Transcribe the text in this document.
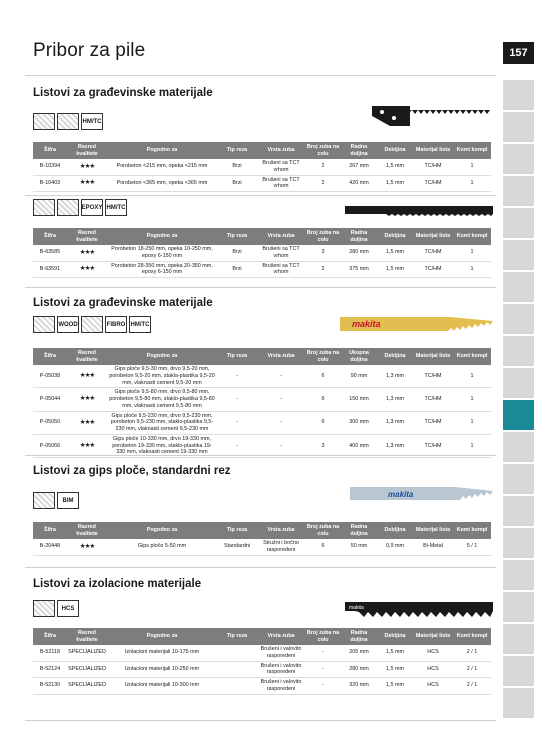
Pribor za pile	157
Listovi za građevinske materijale
HM/TC
Šifra	Razred kvalitete	Pogodno za	Tip reza	Vrsta zuba	Broj zuba na colu	Radna duljina	Debljina	Materijal lista	Komi kompl
B-10394	★★★	Porobeton <215 mm, opeka <215 mm	Brzi	Brušeni sa TCT vrhom	2	267 mm	1,5 mm	TC/HM	1
B-10403	★★★	Porobeton <365 mm, opeka <365 mm	Brzi	Brušeni sa TCT vrhom	2	420 mm	1,5 mm	TC/HM	1
EPOXY HM/TC
Šifra	Razred kvalitete	Pogodno za	Tip reza	Vrsta zuba	Broj zuba na colu	Radna duljina	Debljina	Materijal lista	Komi kompl
B-63585	★★★	Porobeton 18-250 mm, opeka 10-250 mm, epoxy 6-150 mm	Brzi	Brušeni sa TCT vrhom	3	280 mm	1,5 mm	TC/HM	1
B-63591	★★★	Porobeton 28-350 mm, opeka 20-350 mm, epoxy 6-150 mm	Brzi	Brušeni sa TCT vrhom	2	375 mm	1,5 mm	TC/HM	1
Listovi za građevinske materijale
WOOD	FIBRO HM/TC	makita
Šifra	Razred kvalitete	Pogodno za	Tip reza	Vrsta zuba	Broj zuba na colu	Ukupna duljina	Debljina	Materijal lista	Komi kompl
P-05038	★★★	Gips ploče 9,5-30 mm, drvo 9,5-20 mm, porobeton 9,5-20 mm, stakla-plastika 9,5-20 mm, vlaknasti cement 9,5-20 mm	-	-	6	90 mm	1,3 mm	TC/HM	1
P-05044	★★★	Gips ploče 9,5-80 mm, drvo 9,5-80 mm, porobeton 9,5-80 mm, staklo-plastika 9,5-80 mm, vlaknasti cement 9,5-80 mm	-	-	6	150 mm	1,3 mm	TC/HM	1
P-05050	★★★	Gips ploče 9,5-230 mm, drvo 9,5-230 mm, porobeton 9,5-230 mm, staklo-plastika 9,5-230 mm, vlaknasti cement 9,5-230 mm	-	-	6	300 mm	1,3 mm	TC/HM	1
P-05066	★★★	Gips ploče 10-330 mm, drvo 19-330 mm, porobeton 19-330 mm, staklo-plastika 19-330 mm, vlaknasti cement 19-330 mm	-	-	3	400 mm	1,3 mm	TC/HM	1
Listovi za gips ploče, standardni rez
BIM
makita
Šifra	Razred kvalitete	Pogodno za	Tip reza	Vrsta zuba	Broj zuba na colu	Radna duljina	Debljina	Materijal lista	Komi kompl
B-20448	★★★	Gips ploče 5-50 mm	Standardni	Stružni i bočno rasporedeni	6	50 mm	0,9 mm	Bi-Metal	5 / 1
Listovi za izolacione materijale
HCS	makita
Šifra	Razred kvalitete	Pogodno za	Tip reza	Vrsta zuba	Broj zuba na colu	Radna duljina	Debljina	Materijal lista	Komi kompl
B-52118	SPECIJALIZED	Izolacioni materijali 10-175 mm		Brušeni i valovito rasporedeni	-	205 mm	1,5 mm	HCS	2 / 1
B-52124	SPECIJALIZED	Izolacioni materijali 10-250 mm		Brušeni i valovito rasporedeni	-	280 mm	1,5 mm	HCS	2 / 1
B-52130	SPECIJALIZED	Izolacioni materijali 10-300 mm		Brušeni i valovito rasporedeni	-	320 mm	1,5 mm	HCS	2 / 1
